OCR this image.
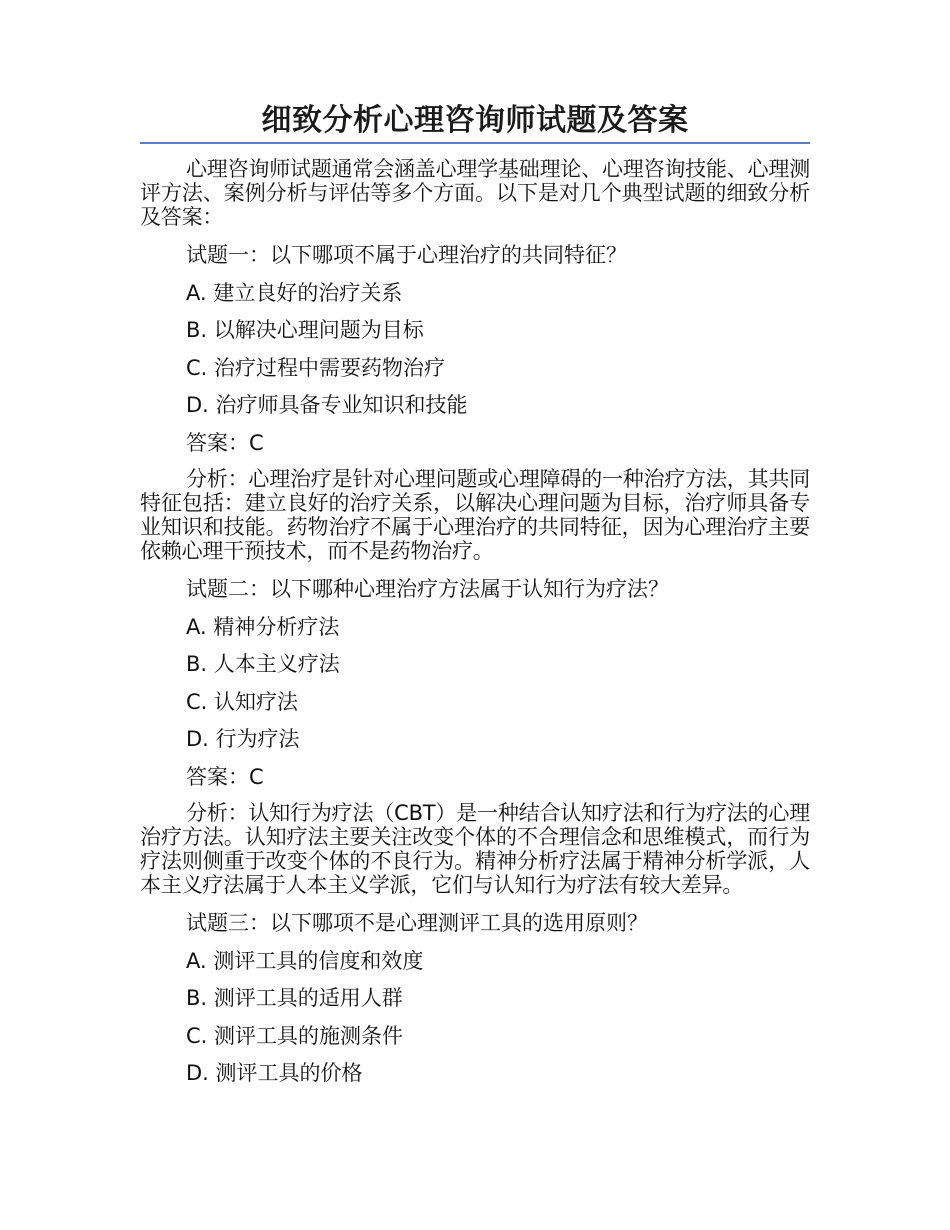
细致分析心理咨询师试题及答案

心理咨询师试题通常会涵盖心理学基础理论、心理咨询技能、心理测评方法、案例分析与评估等多个方面。以下是对几个典型试题的细致分析及答案：

试题一：以下哪项不属于心理治疗的共同特征？
A. 建立良好的治疗关系
B. 以解决心理问题为目标
C. 治疗过程中需要药物治疗
D. 治疗师具备专业知识和技能
答案：C

分析：心理治疗是针对心理问题或心理障碍的一种治疗方法，其共同特征包括：建立良好的治疗关系，以解决心理问题为目标，治疗师具备专业知识和技能。药物治疗不属于心理治疗的共同特征，因为心理治疗主要依赖心理干预技术，而不是药物治疗。

试题二：以下哪种心理治疗方法属于认知行为疗法？
A. 精神分析疗法
B. 人本主义疗法
C. 认知疗法
D. 行为疗法
答案：C

分析：认知行为疗法（CBT）是一种结合认知疗法和行为疗法的心理治疗方法。认知疗法主要关注改变个体的不合理信念和思维模式，而行为疗法则侧重于改变个体的不良行为。精神分析疗法属于精神分析学派，人本主义疗法属于人本主义学派，它们与认知行为疗法有较大差异。

试题三：以下哪项不是心理测评工具的选用原则？
A. 测评工具的信度和效度
B. 测评工具的适用人群
C. 测评工具的施测条件
D. 测评工具的价格
